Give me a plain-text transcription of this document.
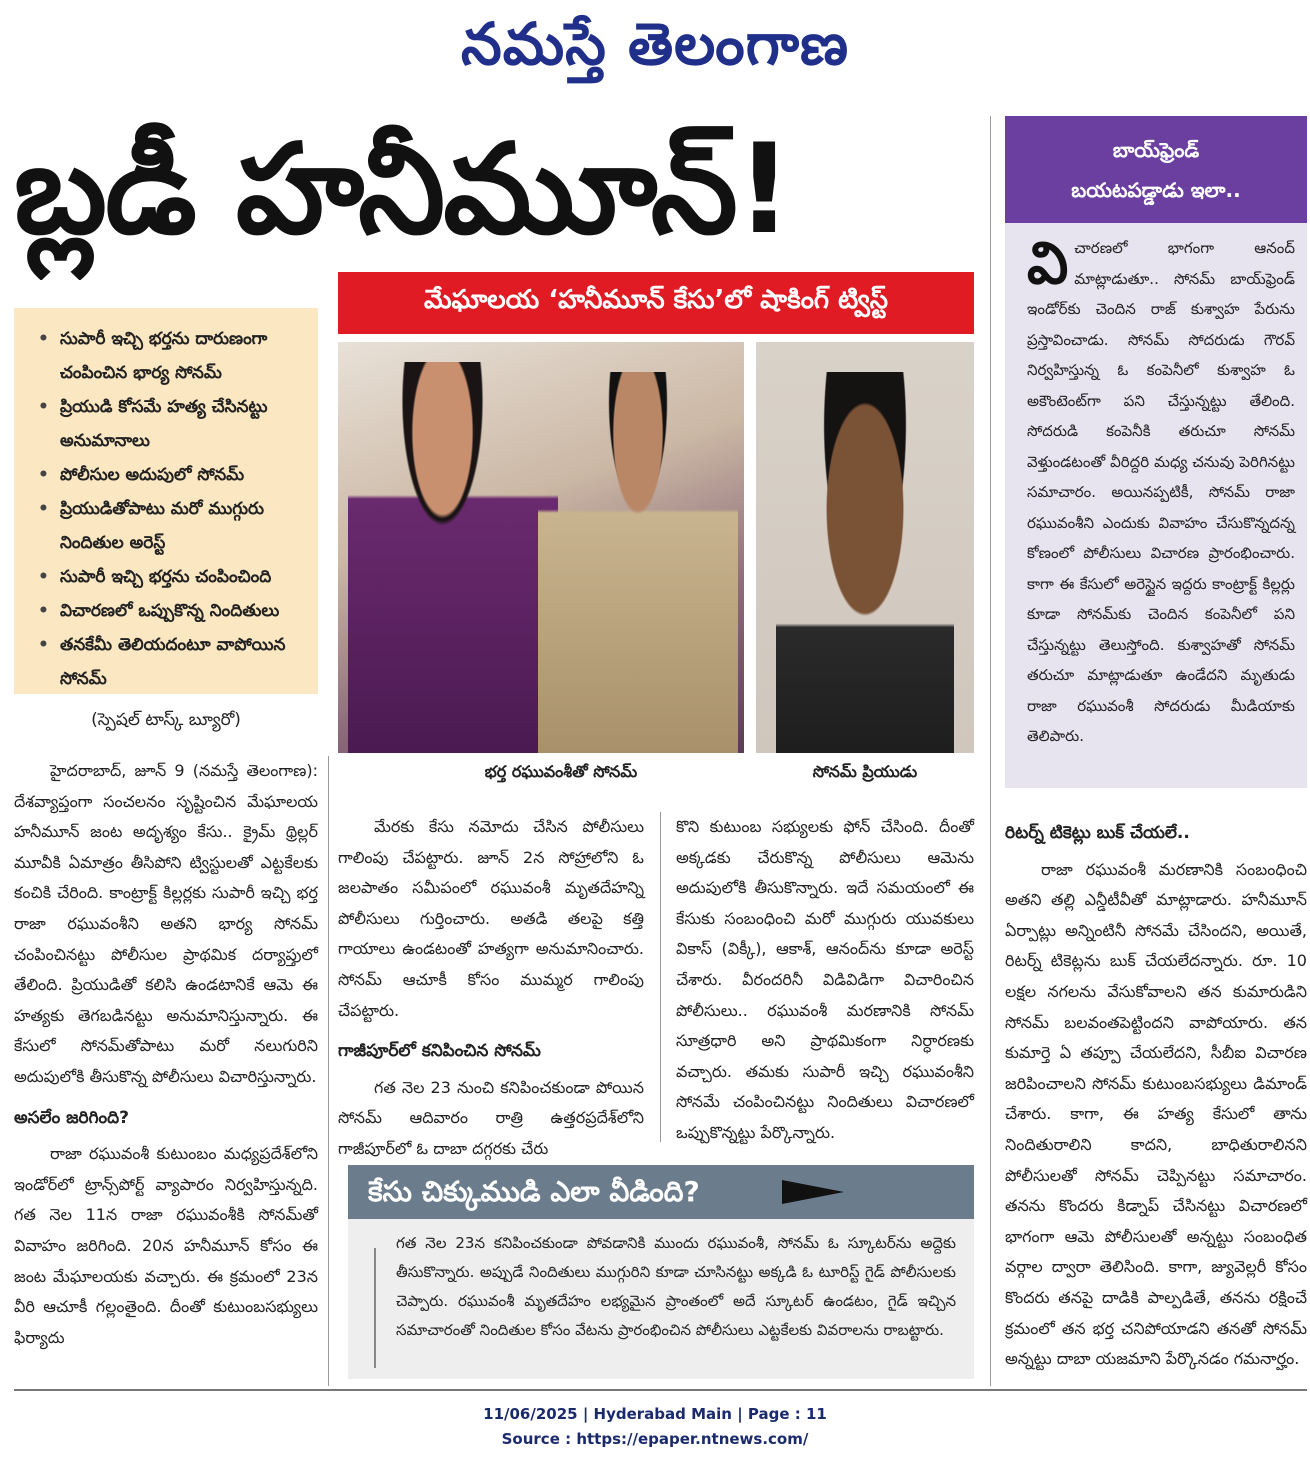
నమస్తే తెలంగాణ
బ్లడీ హనీమూన్!
మేఘాలయ ‘హనీమూన్ కేసు’లో షాకింగ్ ట్విస్ట్
• సుపారీ ఇచ్చి భర్తను దారుణంగా చంపించిన భార్య సోనమ్
• ప్రియుడి కోసమే హత్య చేసినట్టు అనుమానాలు
• పోలీసుల అదుపులో సోనమ్
• ప్రియుడితోపాటు మరో ముగ్గురు నిందితుల అరెస్ట్
• సుపారీ ఇచ్చి భర్తను చంపించింది
• విచారణలో ఒప్పుకొన్న నిందితులు
• తనకేమీ తెలియదంటూ వాపోయిన సోనమ్
(స్పెషల్ టాస్క్ బ్యూరో)
భర్త రఘువంశీతో సోనమ్	సోనమ్ ప్రియుడు
బాయ్‌ఫ్రెండ్
బయటపడ్డాడు ఇలా..
వి చారణలో భాగంగా ఆనంద్ మాట్లాడుతూ.. సోనమ్ బాయ్‌ఫ్రెండ్ ఇండోర్‌కు చెందిన రాజ్ కుశ్వాహ పేరును ప్రస్తావించాడు. సోనమ్ సోదరుడు గౌరవ్ నిర్వహిస్తున్న ఓ కంపెనీలో కుశ్వాహ ఓ అకౌంటెంట్‌గా పని చేస్తున్నట్టు తేలింది. సోదరుడి కంపెనీకి తరుచూ సోనమ్ వెళ్తుండటంతో వీరిద్దరి మధ్య చనువు పెరిగినట్టు సమాచారం. అయినప్పటికీ, సోనమ్ రాజా రఘువంశీని ఎందుకు వివాహం చేసుకొన్నదన్న కోణంలో పోలీసులు విచారణ ప్రారంభించారు. కాగా ఈ కేసులో అరెస్టైన ఇద్దరు కాంట్రాక్ట్ కిల్లర్లు కూడా సోనమ్‌కు చెందిన కంపెనీలో పని చేస్తున్నట్టు తెలుస్తోంది. కుశ్వాహతో సోనమ్ తరుచూ మాట్లాడుతూ ఉండేదని మృతుడు రాజా రఘువంశీ సోదరుడు మీడియాకు తెలిపారు.

హైదరాబాద్, జూన్ 9 (నమస్తే తెలంగాణ): దేశవ్యాప్తంగా సంచలనం సృష్టించిన మేఘాలయ హనీమూన్ జంట అదృశ్యం కేసు.. క్రైమ్ థ్రిల్లర్ మూవీకి ఏమాత్రం తీసిపోని ట్విస్టులతో ఎట్టకేలకు కంచికి చేరింది. కాంట్రాక్ట్ కిల్లర్లకు సుపారీ ఇచ్చి భర్త రాజా రఘువంశీని అతని భార్య సోనమ్ చంపించినట్టు పోలీసుల ప్రాథమిక దర్యాప్తులో తేలింది. ప్రియుడితో కలిసి ఉండటానికే ఆమె ఈ హత్యకు తెగబడినట్టు అనుమానిస్తున్నారు. ఈ కేసులో సోనమ్‌తోపాటు మరో నలుగురిని అదుపులోకి తీసుకొన్న పోలీసులు విచారిస్తున్నారు.

అసలేం జరిగింది?

రాజా రఘువంశీ కుటుంబం మధ్యప్రదేశ్‌లోని ఇండోర్‌లో ట్రాన్స్‌పోర్ట్ వ్యాపారం నిర్వహిస్తున్నది. గత నెల 11న రాజా రఘువంశీకి సోనమ్‌తో వివాహం జరిగింది. 20న హనీమూన్ కోసం ఈ జంట మేఘాలయకు వచ్చారు. ఈ క్రమంలో 23న వీరి ఆచూకీ గల్లంతైంది. దీంతో కుటుంబసభ్యులు ఫిర్యాదు

మేరకు కేసు నమోదు చేసిన పోలీసులు గాలింపు చేపట్టారు. జూన్ 2న సోహ్రాలోని ఓ జలపాతం సమీపంలో రఘువంశీ మృతదేహన్ని పోలీసులు గుర్తించారు. అతడి తలపై కత్తి గాయాలు ఉండటంతో హత్యగా అనుమానించారు. సోనమ్ ఆచూకీ కోసం ముమ్మర గాలింపు చేపట్టారు.

గాజీపూర్‌లో కనిపించిన సోనమ్

గత నెల 23 నుంచి కనిపించకుండా పోయిన సోనమ్ ఆదివారం రాత్రి ఉత్తరప్రదేశ్‌లోని గాజీపూర్‌లో ఓ దాబా దగ్గరకు చేరు

కొని కుటుంబ సభ్యులకు ఫోన్ చేసింది. దీంతో అక్కడకు చేరుకొన్న పోలీసులు ఆమెను అదుపులోకి తీసుకొన్నారు. ఇదే సమయంలో ఈ కేసుకు సంబంధించి మరో ముగ్గురు యువకులు వికాస్ (విక్కీ), ఆకాశ్, ఆనంద్‌ను కూడా అరెస్ట్ చేశారు. వీరందరినీ విడివిడిగా విచారించిన పోలీసులు.. రఘువంశీ మరణానికి సోనమ్ సూత్రధారి అని ప్రాథమికంగా నిర్ధారణకు వచ్చారు. తమకు సుపారీ ఇచ్చి రఘువంశీని సోనమే చంపించినట్టు నిందితులు విచారణలో ఒప్పుకొన్నట్టు పేర్కొన్నారు.

రిటర్న్ టికెట్లు బుక్ చేయలే..

రాజా రఘువంశీ మరణానికి సంబంధించి అతని తల్లి ఎన్డీటీవీతో మాట్లాడారు. హనీమూన్ ఏర్పాట్లు అన్నింటినీ సోనమే చేసిందని, అయితే, రిటర్న్ టికెట్లను బుక్ చేయలేదన్నారు. రూ. 10 లక్షల నగలను వేసుకోవాలని తన కుమారుడిని సోనమ్ బలవంతపెట్టిందని వాపోయారు. తన కుమార్తె ఏ తప్పూ చేయలేదని, సీబీఐ విచారణ జరిపించాలని సోనమ్ కుటుంబసభ్యులు డిమాండ్ చేశారు. కాగా, ఈ హత్య కేసులో తాను నిందితురాలిని కాదని, బాధితురాలినని పోలీసులతో సోనమ్ చెప్పినట్టు సమాచారం. తనను కొందరు కిడ్నాప్ చేసినట్టు విచారణలో భాగంగా ఆమె పోలీసులతో అన్నట్టు సంబంధిత వర్గాల ద్వారా తెలిసింది. కాగా, జ్యువెల్లరీ కోసం కొందరు తనపై దాడికి పాల్పడితే, తనను రక్షించే క్రమంలో తన భర్త చనిపోయాడని తనతో సోనమ్ అన్నట్టు దాబా యజమాని పేర్కొనడం గమనార్హం.

కేసు చిక్కుముడి ఎలా వీడింది?
గత నెల 23న కనిపించకుండా పోవడానికి ముందు రఘువంశీ, సోనమ్ ఓ స్కూటర్‌ను అద్దెకు తీసుకొన్నారు. అప్పుడే నిందితులు ముగ్గురిని కూడా చూసినట్టు అక్కడి ఓ టూరిస్ట్ గైడ్ పోలీసులకు చెప్పారు. రఘువంశీ మృతదేహం లభ్యమైన ప్రాంతంలో అదే స్కూటర్ ఉండటం, గైడ్ ఇచ్చిన సమాచారంతో నిందితుల కోసం వేటను ప్రారంభించిన పోలీసులు ఎట్టకేలకు వివరాలను రాబట్టారు.
11/06/2025 | Hyderabad Main | Page : 11
Source : https://epaper.ntnews.com/
